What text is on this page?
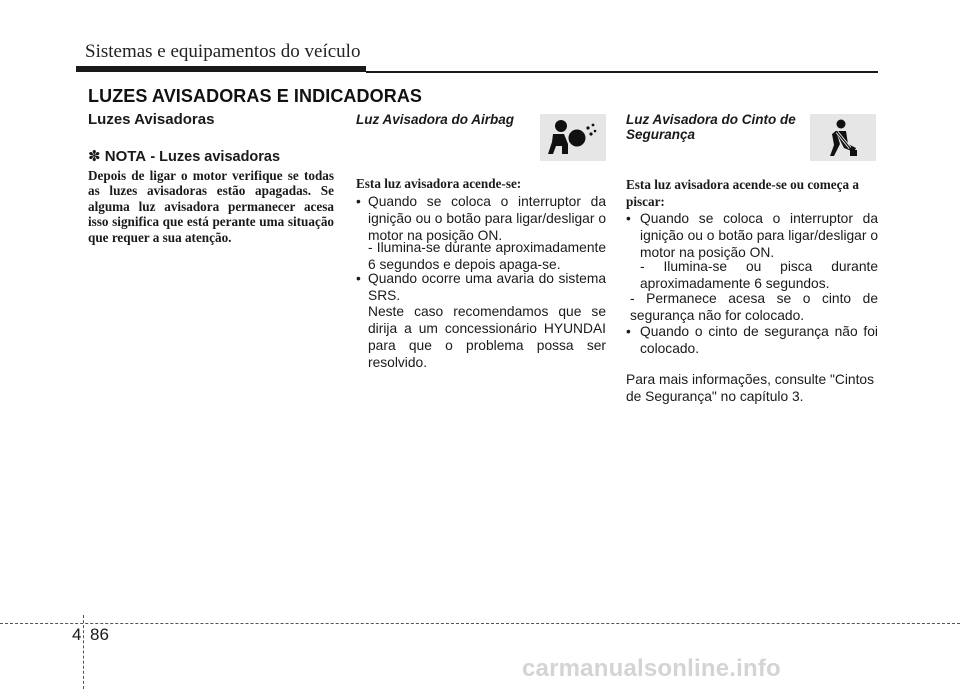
Sistemas e equipamentos do veículo
LUZES AVISADORAS E INDICADORAS
Luzes Avisadoras
✽ NOTA - Luzes avisadoras
Depois de ligar o motor verifique se todas as luzes avisadoras estão apagadas. Se alguma luz avisadora permanecer acesa isso significa que está perante uma situação que requer a sua atenção.
Luz Avisadora do Airbag
Esta luz avisadora acende-se:
• Quando se coloca o interruptor da ignição ou o botão para ligar/desligar o motor na posição ON.
- Ilumina-se durante aproximadamente 6 segundos e depois apaga-se.
• Quando ocorre uma avaria do sistema SRS.
Neste caso recomendamos que se dirija a um concessionário HYUNDAI para que o problema possa ser resolvido.
Luz Avisadora do Cinto de Segurança
Esta luz avisadora acende-se ou começa a piscar:
• Quando se coloca o interruptor da ignição ou o botão para ligar/desligar o motor na posição ON.
- Ilumina-se ou pisca durante aproximadamente 6 segundos.
- Permanece acesa se o cinto de segurança não for colocado.
• Quando o cinto de segurança não foi colocado.
Para mais informações, consulte "Cintos de Segurança" no capítulo 3.
4 86
carmanualsonline.info
